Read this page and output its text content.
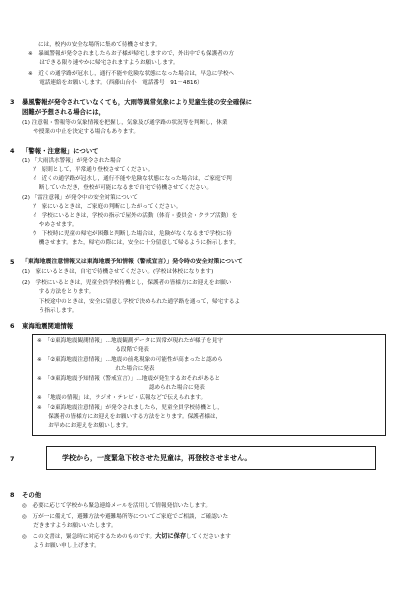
には，校内の安全な場所に集めて待機させます。
※　暴風警報が発令されましたらお子様が帰宅しますので，外出中でも保護者の方
　　はできる限り速やかに帰宅されますようお願いします。
※　近くの通学路が冠水し，通行不能や危険な状態になった場合は，早急に学校へ
　　電話連絡をお願いします。（西藤山台小　電話番号　91－4816）
3 暴風警報が発令されていなくても，大雨等異常気象により児童生徒の安全確保に
困難が予想される場合には，
(1) 注意報・警報等の気象情報を把握し，気象及び通学路の状況等を判断し，休業
　　や授業の中止を決定する場合もあります。
4 「警報・注意報」について
(1) 「大雨洪水警報」が発令された場合
　　ｱ　原則として，平常通り登校させてください。
　　ｲ　近くの通学路が冠水し，通行不能や危険な状態になった場合は，ご家庭で判
　　　断していただき，登校が可能になるまで自宅で待機させてください。
(2) 「雷注意報」が発令中の安全対策について
　　ｱ　家にいるときは，ご家庭の判断にしたがってください。
　　ｲ　学校にいるときは，学校の指示で屋外の活動（体育・委員会・クラブ活動）を
　　　やめさせます。
　　ｳ　下校時に児童の帰宅が困難と判断した場合は，危険がなくなるまで学校に待
　　　機させます。また，帰宅の際には，安全に十分留意して帰るように指示します。
5 「東海地震注意情報又は東海地震予知情報（警戒宣言）」発令時の安全対策について
(1)　家にいるときは，自宅で待機させてください。(学校は休校になります)
(2)　学校にいるときは，児童全員学校待機とし，保護者の皆様方にお迎えをお願い
　　　する方法をとります。
　　　下校途中のときは，安全に留意し学校で決められた通学路を通って，帰宅するよ
　　　う指示します。
6 東海地震関連情報
※　「①東海地震観測情報」…地震観測データに異常が現れたが様子を見守
　　　　　　　　　　　　　　る段階で発表
※　「②東海地震注意情報」…地震の前兆現象の可能性が高まったと認めら
　　　　　　　　　　　　　　れた場合に発表
※　「③東海地震予知情報（警戒宣言）」…地震が発生するおそれがあると
　　　　　　　　　　　　　　　　　　　　認められた場合に発表
※　「地震の情報」は，ラジオ・テレビ・広報などで伝えられます。
※　「②東海地震注意情報」が発令されましたら，児童全員学校待機とし，
　　保護者の皆様方にお迎えをお願いする方法をとります。保護者様は，
　　お早めにお迎えをお願いします。
7	学校から，一度緊急下校させた児童は，再登校させません。
8 その他
◎　必要に応じて学校から緊急連絡メールを活用して情報発信いたします。
◎　万が一に備えて，避難方法や避難場所等についてご家庭でご相談，ご確認いた
　　だきますようお願いいたします。
◎　この文書は，緊急時に対応するためのものです。大切に保存してくださいます
　　ようお願い申し上げます。
